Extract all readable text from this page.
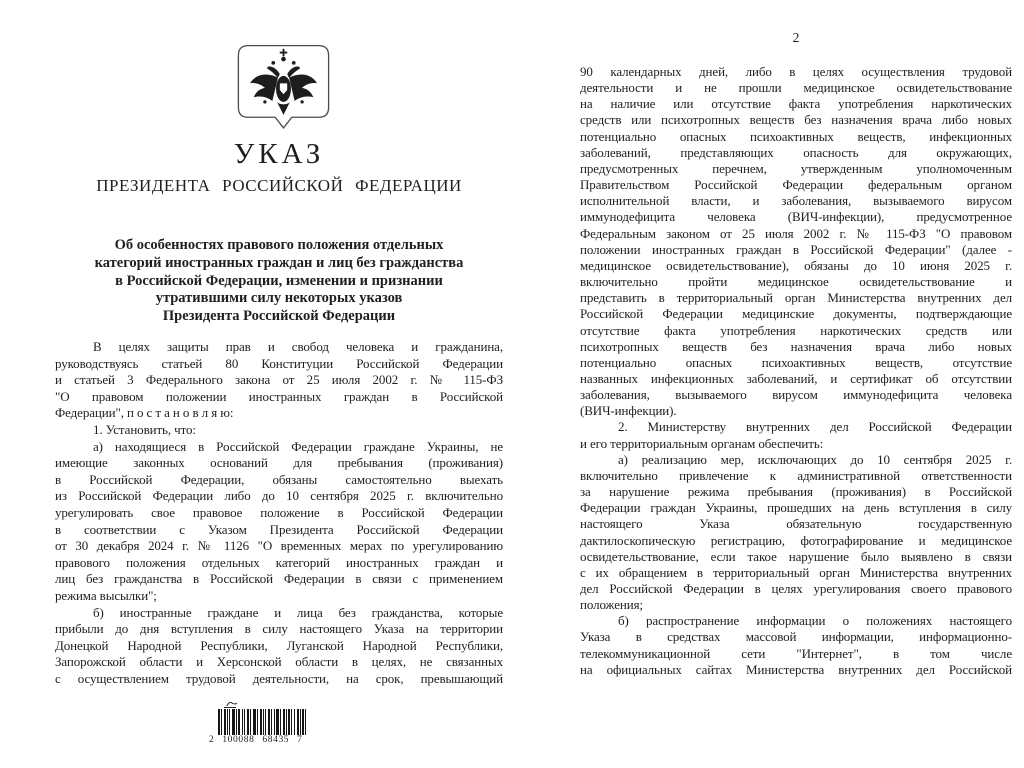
УКАЗ
ПРЕЗИДЕНТА РОССИЙСКОЙ ФЕДЕРАЦИИ
Об особенностях правового положения отдельных
категорий иностранных граждан и лиц без гражданства
в Российской Федерации, изменении и признании
утратившими силу некоторых указов
Президента Российской Федерации
В целях защиты прав и свобод человека и гражданина,
руководствуясь статьей 80 Конституции Российской Федерации
и статьей 3 Федерального закона от 25 июля 2002 г. № 115-ФЗ
"О правовом положении иностранных граждан в Российской
Федерации", п о с т а н о в л я ю:
1. Установить, что:
а) находящиеся в Российской Федерации граждане Украины, не
имеющие законных оснований для пребывания (проживания)
в Российской Федерации, обязаны самостоятельно выехать
из Российской Федерации либо до 10 сентября 2025 г. включительно
урегулировать свое правовое положение в Российской Федерации
в соответствии с Указом Президента Российской Федерации
от 30 декабря 2024 г. № 1126 "О временных мерах по урегулированию
правового положения отдельных категорий иностранных граждан и
лиц без гражданства в Российской Федерации в связи с применением
режима высылки";
б) иностранные граждане и лица без гражданства, которые
прибыли до дня вступления в силу настоящего Указа на территории
Донецкой Народной Республики, Луганской Народной Республики,
Запорожской области и Херсонской области в целях, не связанных
с осуществлением трудовой деятельности, на срок, превышающий
2 100088 68435 7
2
90 календарных дней, либо в целях осуществления трудовой
деятельности и не прошли медицинское освидетельствование
на наличие или отсутствие факта употребления наркотических
средств или психотропных веществ без назначения врача либо новых
потенциально опасных психоактивных веществ, инфекционных
заболеваний, представляющих опасность для окружающих,
предусмотренных перечнем, утвержденным уполномоченным
Правительством Российской Федерации федеральным органом
исполнительной власти, и заболевания, вызываемого вирусом
иммунодефицита человека (ВИЧ-инфекции), предусмотренное
Федеральным законом от 25 июля 2002 г. № 115-ФЗ "О правовом
положении иностранных граждан в Российской Федерации" (далее -
медицинское освидетельствование), обязаны до 10 июня 2025 г.
включительно пройти медицинское освидетельствование и
представить в территориальный орган Министерства внутренних дел
Российской Федерации медицинские документы, подтверждающие
отсутствие факта употребления наркотических средств или
психотропных веществ без назначения врача либо новых
потенциально опасных психоактивных веществ, отсутствие
названных инфекционных заболеваний, и сертификат об отсутствии
заболевания, вызываемого вирусом иммунодефицита человека
(ВИЧ-инфекции).
2. Министерству внутренних дел Российской Федерации
и его территориальным органам обеспечить:
а) реализацию мер, исключающих до 10 сентября 2025 г.
включительно привлечение к административной ответственности
за нарушение режима пребывания (проживания) в Российской
Федерации граждан Украины, прошедших на день вступления в силу
настоящего Указа обязательную государственную
дактилоскопическую регистрацию, фотографирование и медицинское
освидетельствование, если такое нарушение было выявлено в связи
с их обращением в территориальный орган Министерства внутренних
дел Российской Федерации в целях урегулирования своего правового
положения;
б) распространение информации о положениях настоящего
Указа в средствах массовой информации, информационно-
телекоммуникационной сети "Интернет", в том числе
на официальных сайтах Министерства внутренних дел Российской
